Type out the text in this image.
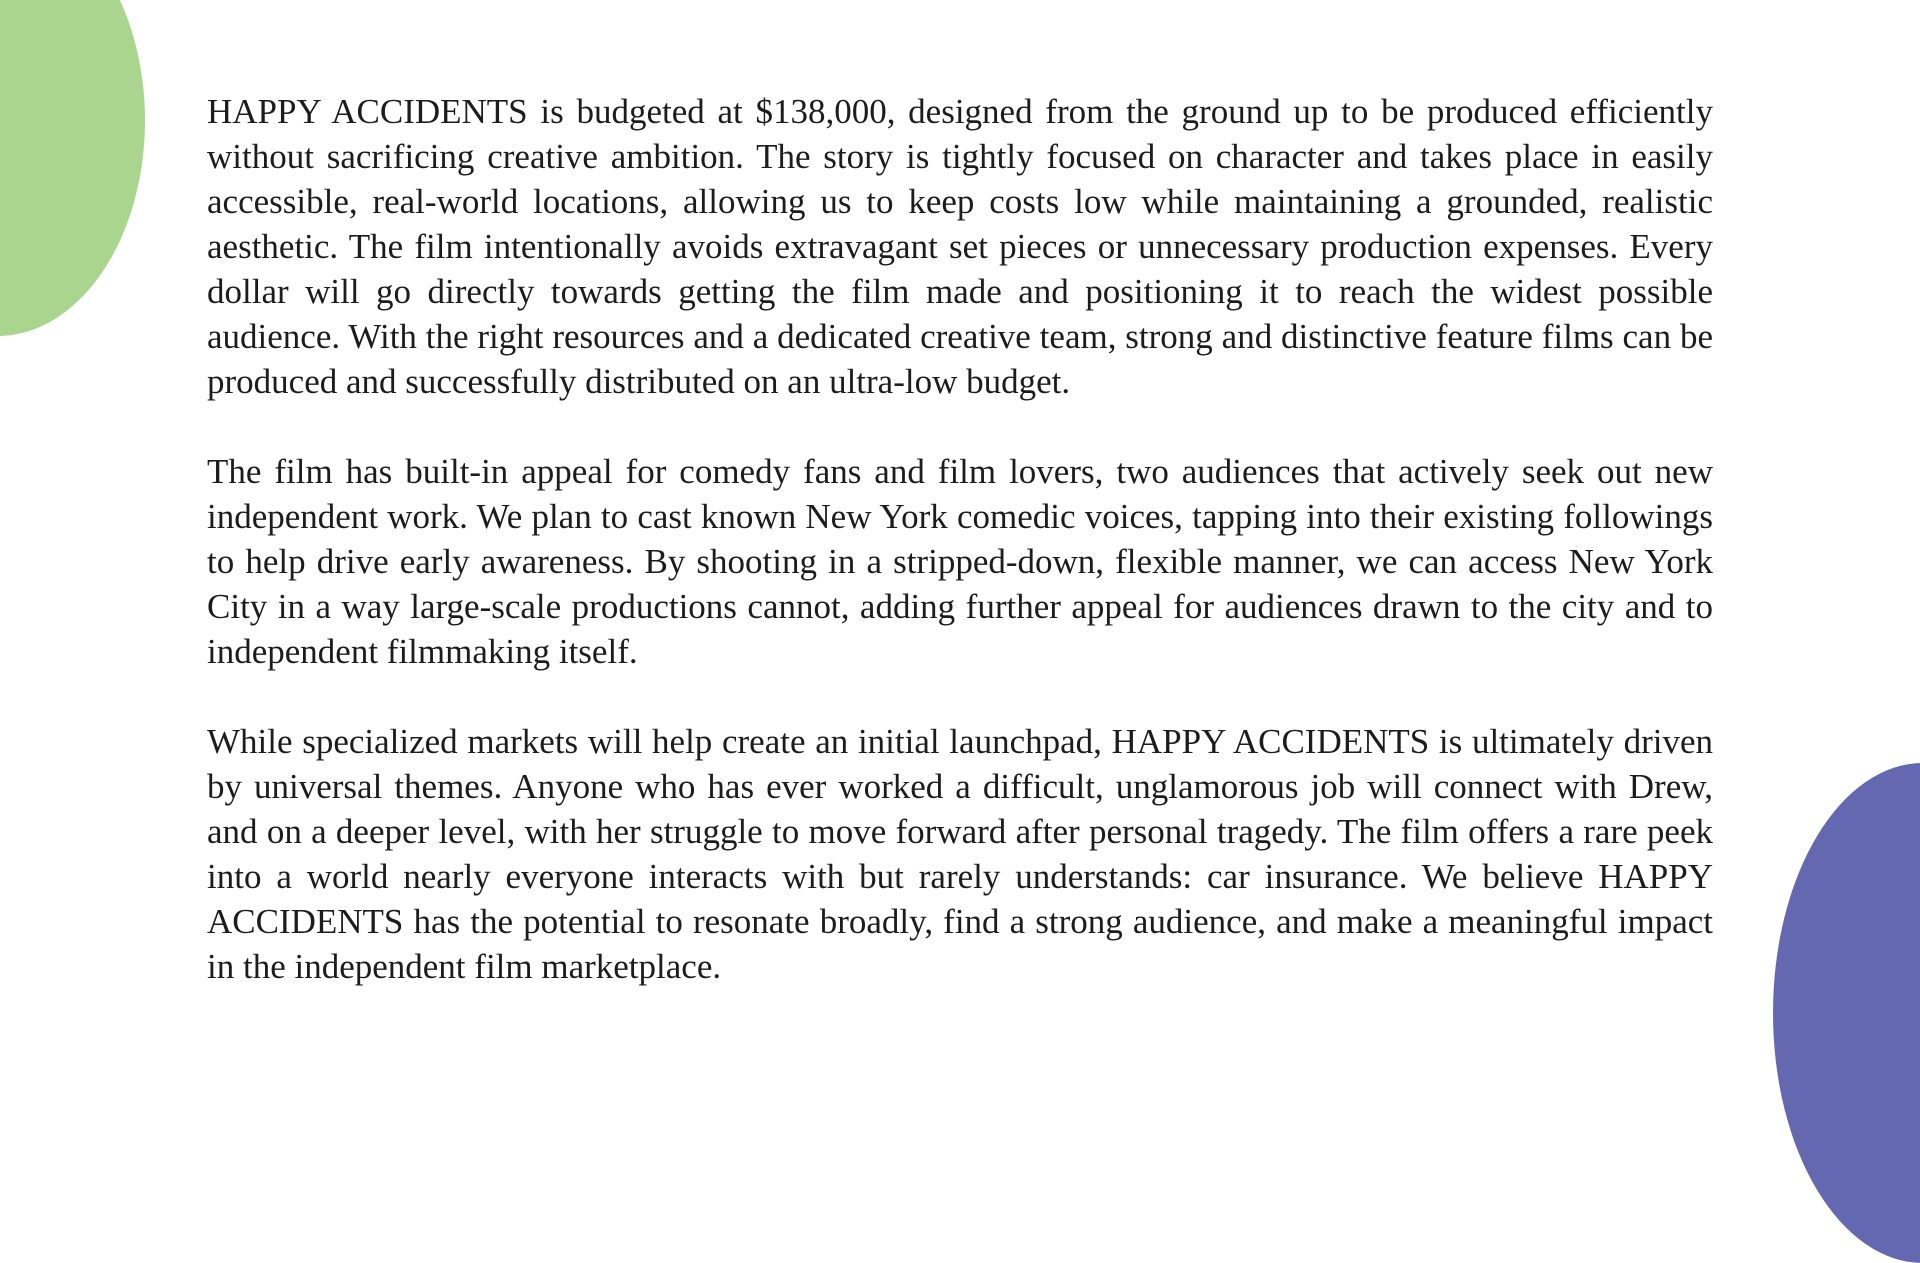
HAPPY ACCIDENTS is budgeted at $138,000, designed from the ground up to be produced efficiently without sacrificing creative ambition. The story is tightly focused on character and takes place in easily accessible, real-world locations, allowing us to keep costs low while maintaining a grounded, realistic aesthetic. The film intentionally avoids extravagant set pieces or unnecessary production expenses. Every dollar will go directly towards getting the film made and positioning it to reach the widest possible audience. With the right resources and a dedicated creative team, strong and distinctive feature films can be produced and successfully distributed on an ultra-low budget.

The film has built-in appeal for comedy fans and film lovers, two audiences that actively seek out new independent work. We plan to cast known New York comedic voices, tapping into their existing followings to help drive early awareness. By shooting in a stripped-down, flexible manner, we can access New York City in a way large-scale productions cannot, adding further appeal for audiences drawn to the city and to independent filmmaking itself.

While specialized markets will help create an initial launchpad, HAPPY ACCIDENTS is ultimately driven by universal themes. Anyone who has ever worked a difficult, unglamorous job will connect with Drew, and on a deeper level, with her struggle to move forward after personal tragedy. The film offers a rare peek into a world nearly everyone interacts with but rarely understands: car insurance. We believe HAPPY ACCIDENTS has the potential to resonate broadly, find a strong audience, and make a meaningful impact in the independent film marketplace.
